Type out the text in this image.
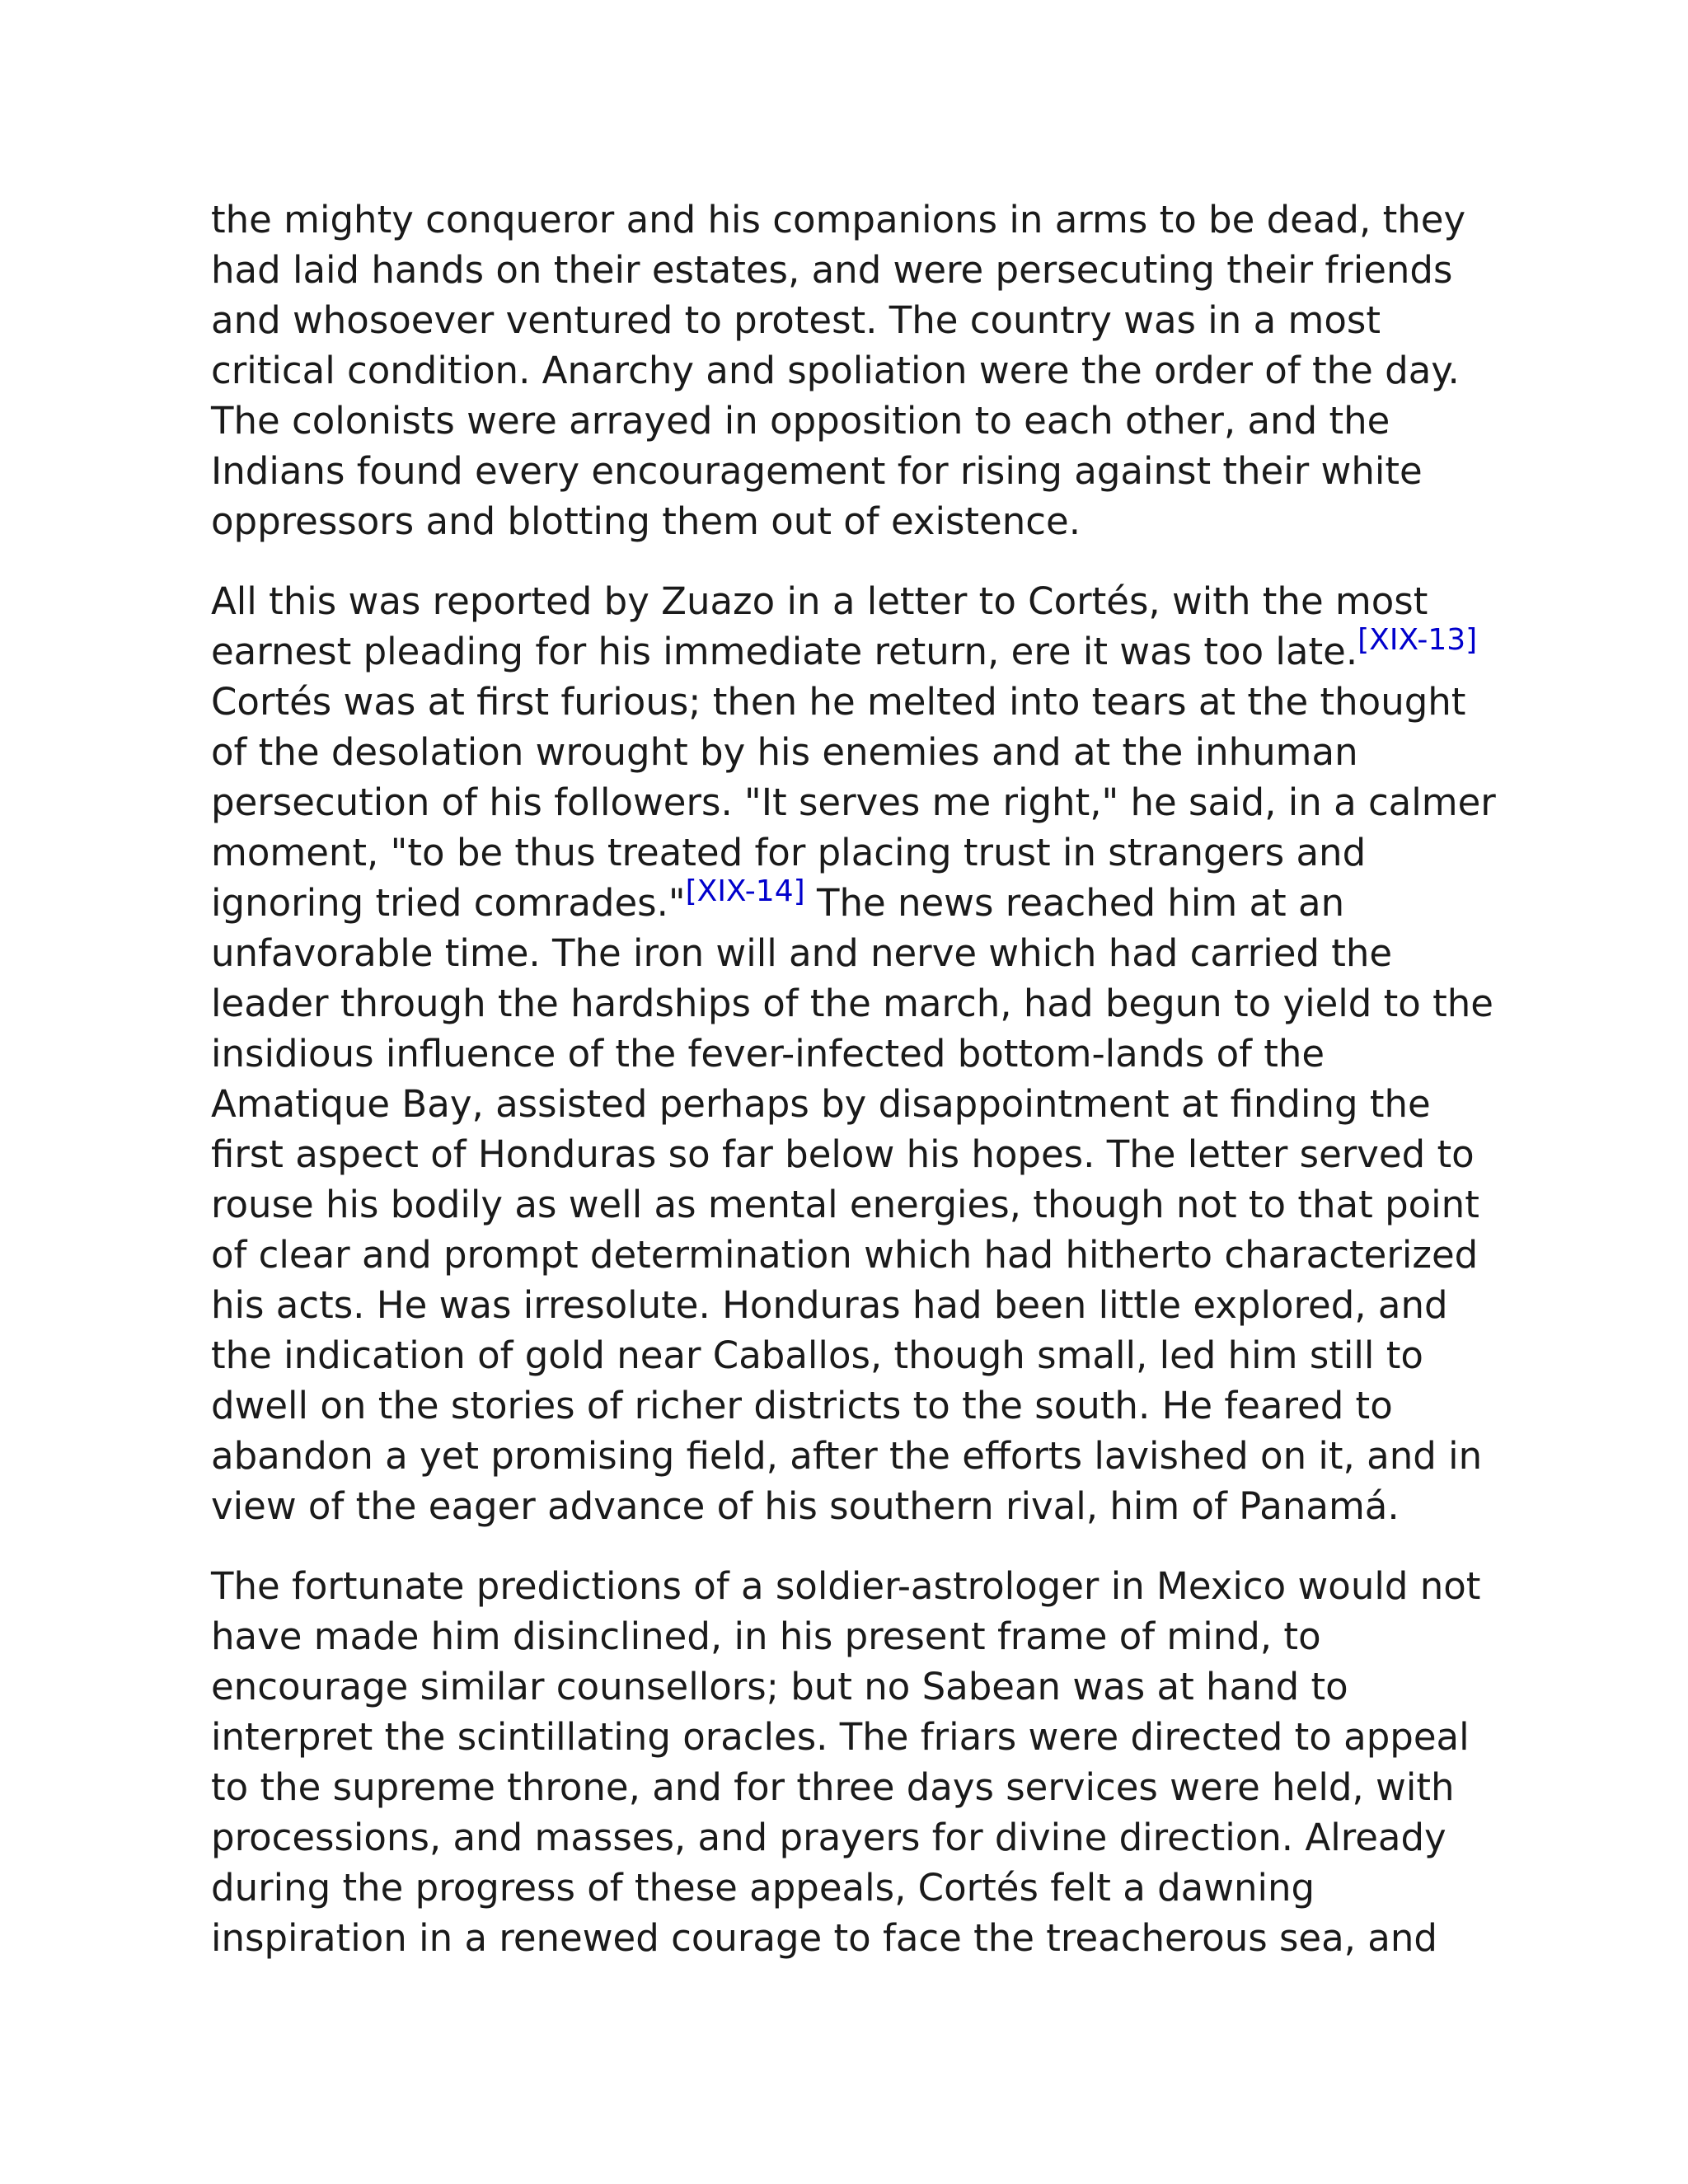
the mighty conqueror and his companions in arms to be dead, they had laid hands on their estates, and were persecuting their friends and whosoever ventured to protest. The country was in a most critical condition. Anarchy and spoliation were the order of the day. The colonists were arrayed in opposition to each other, and the Indians found every encouragement for rising against their white oppressors and blotting them out of existence.

All this was reported by Zuazo in a letter to Cortés, with the most earnest pleading for his immediate return, ere it was too late.[XIX-13] Cortés was at first furious; then he melted into tears at the thought of the desolation wrought by his enemies and at the inhuman persecution of his followers. "It serves me right," he said, in a calmer moment, "to be thus treated for placing trust in strangers and ignoring tried comrades."[XIX-14] The news reached him at an unfavorable time. The iron will and nerve which had carried the leader through the hardships of the march, had begun to yield to the insidious influence of the fever-infected bottom-lands of the Amatique Bay, assisted perhaps by disappointment at finding the first aspect of Honduras so far below his hopes. The letter served to rouse his bodily as well as mental energies, though not to that point of clear and prompt determination which had hitherto characterized his acts. He was irresolute. Honduras had been little explored, and the indication of gold near Caballos, though small, led him still to dwell on the stories of richer districts to the south. He feared to abandon a yet promising field, after the efforts lavished on it, and in view of the eager advance of his southern rival, him of Panamá.

The fortunate predictions of a soldier-astrologer in Mexico would not have made him disinclined, in his present frame of mind, to encourage similar counsellors; but no Sabean was at hand to interpret the scintillating oracles. The friars were directed to appeal to the supreme throne, and for three days services were held, with processions, and masses, and prayers for divine direction. Already during the progress of these appeals, Cortés felt a dawning inspiration in a renewed courage to face the treacherous sea, and
